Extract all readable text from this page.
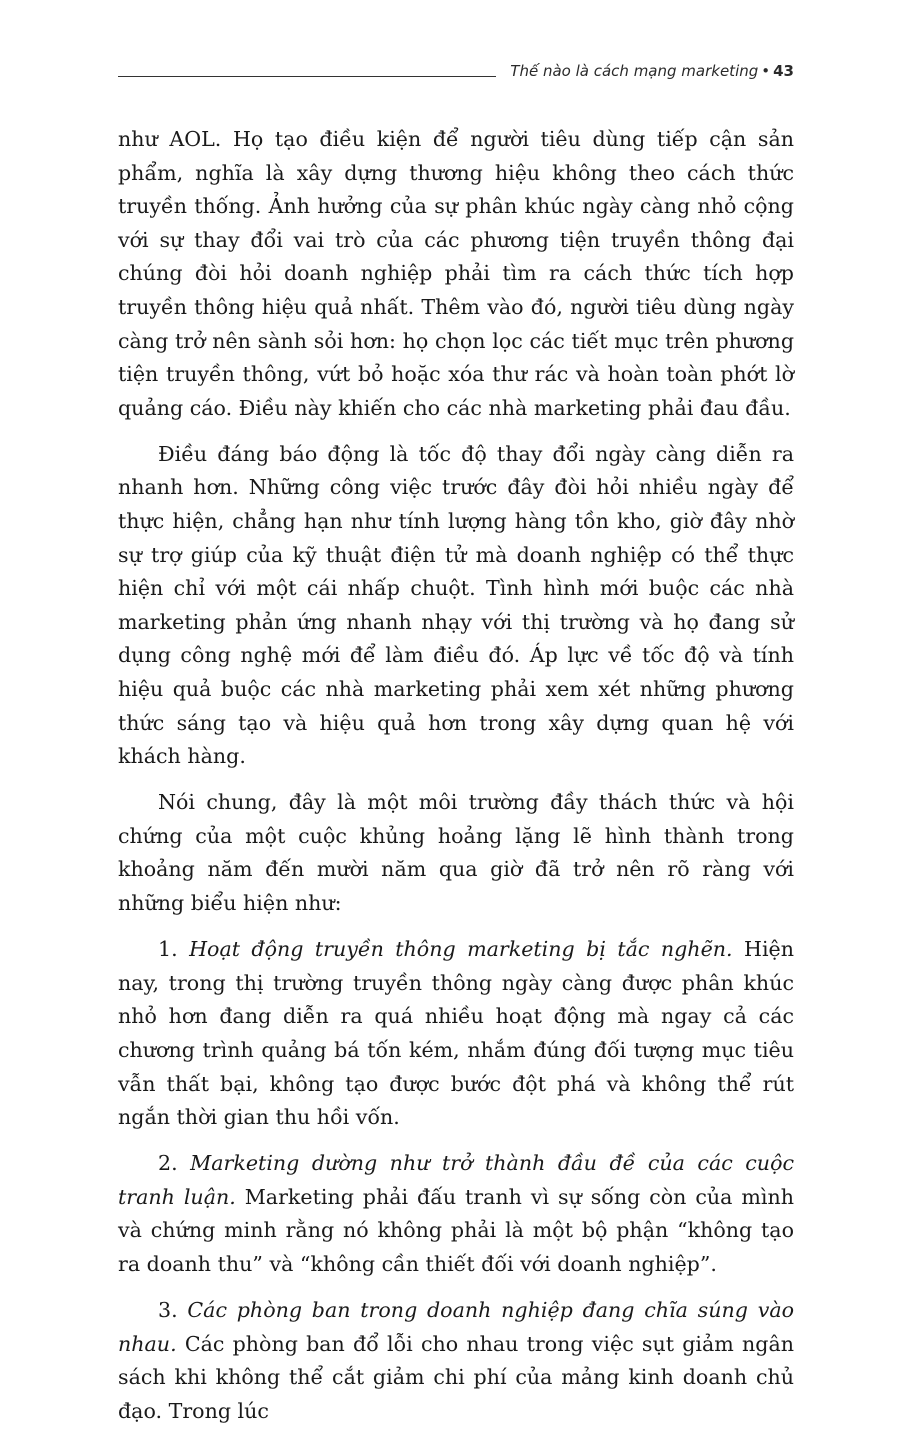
Thế nào là cách mạng marketing • 43

như AOL. Họ tạo điều kiện để người tiêu dùng tiếp cận sản phẩm, nghĩa là xây dựng thương hiệu không theo cách thức truyền thống. Ảnh hưởng của sự phân khúc ngày càng nhỏ cộng với sự thay đổi vai trò của các phương tiện truyền thông đại chúng đòi hỏi doanh nghiệp phải tìm ra cách thức tích hợp truyền thông hiệu quả nhất. Thêm vào đó, người tiêu dùng ngày càng trở nên sành sỏi hơn: họ chọn lọc các tiết mục trên phương tiện truyền thông, vứt bỏ hoặc xóa thư rác và hoàn toàn phớt lờ quảng cáo. Điều này khiến cho các nhà marketing phải đau đầu.

Điều đáng báo động là tốc độ thay đổi ngày càng diễn ra nhanh hơn. Những công việc trước đây đòi hỏi nhiều ngày để thực hiện, chẳng hạn như tính lượng hàng tồn kho, giờ đây nhờ sự trợ giúp của kỹ thuật điện tử mà doanh nghiệp có thể thực hiện chỉ với một cái nhấp chuột. Tình hình mới buộc các nhà marketing phản ứng nhanh nhạy với thị trường và họ đang sử dụng công nghệ mới để làm điều đó. Áp lực về tốc độ và tính hiệu quả buộc các nhà marketing phải xem xét những phương thức sáng tạo và hiệu quả hơn trong xây dựng quan hệ với khách hàng.

Nói chung, đây là một môi trường đầy thách thức và hội chứng của một cuộc khủng hoảng lặng lẽ hình thành trong khoảng năm đến mười năm qua giờ đã trở nên rõ ràng với những biểu hiện như:

1. Hoạt động truyền thông marketing bị tắc nghẽn. Hiện nay, trong thị trường truyền thông ngày càng được phân khúc nhỏ hơn đang diễn ra quá nhiều hoạt động mà ngay cả các chương trình quảng bá tốn kém, nhắm đúng đối tượng mục tiêu vẫn thất bại, không tạo được bước đột phá và không thể rút ngắn thời gian thu hồi vốn.

2. Marketing dường như trở thành đầu đề của các cuộc tranh luận. Marketing phải đấu tranh vì sự sống còn của mình và chứng minh rằng nó không phải là một bộ phận “không tạo ra doanh thu” và “không cần thiết đối với doanh nghiệp”.

3. Các phòng ban trong doanh nghiệp đang chĩa súng vào nhau. Các phòng ban đổ lỗi cho nhau trong việc sụt giảm ngân sách khi không thể cắt giảm chi phí của mảng kinh doanh chủ đạo. Trong lúc
